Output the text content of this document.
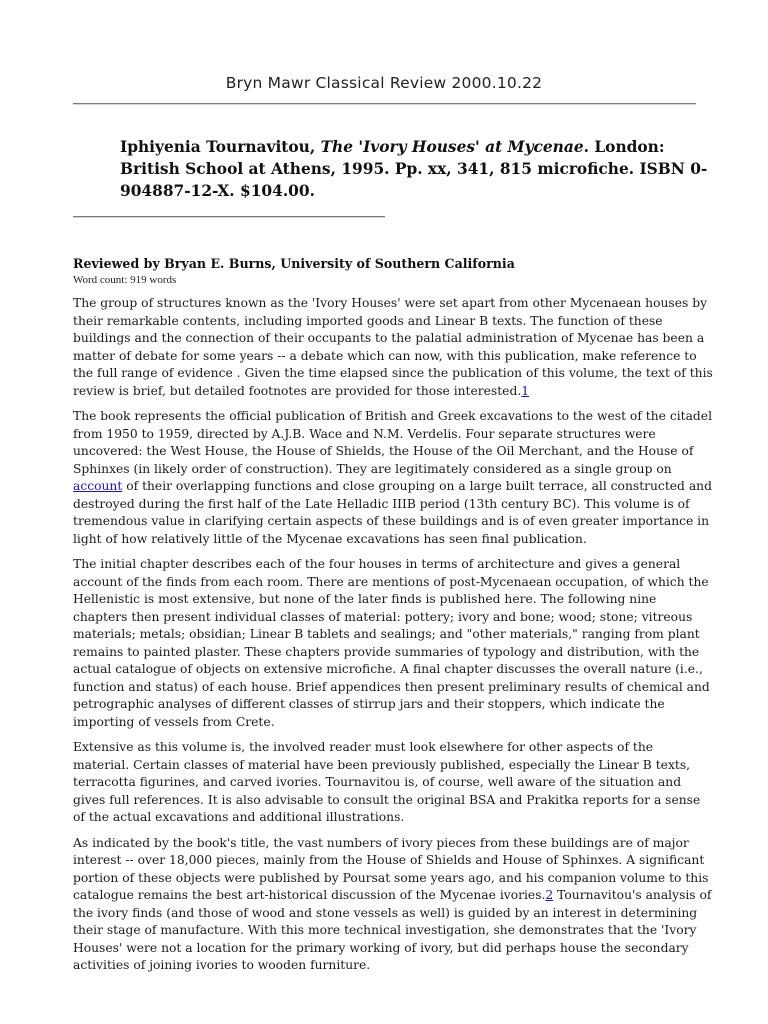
Bryn Mawr Classical Review 2000.10.22
Iphiyenia Tournavitou, The 'Ivory Houses' at Mycenae. London: British School at Athens, 1995. Pp. xx, 341, 815 microfiche. ISBN 0-904887-12-X. $104.00.
Reviewed by Bryan E. Burns, University of Southern California
Word count: 919 words

The group of structures known as the 'Ivory Houses' were set apart from other Mycenaean houses by their remarkable contents, including imported goods and Linear B texts. The function of these buildings and the connection of their occupants to the palatial administration of Mycenae has been a matter of debate for some years -- a debate which can now, with this publication, make reference to the full range of evidence . Given the time elapsed since the publication of this volume, the text of this review is brief, but detailed footnotes are provided for those interested.1

The book represents the official publication of British and Greek excavations to the west of the citadel from 1950 to 1959, directed by A.J.B. Wace and N.M. Verdelis. Four separate structures were uncovered: the West House, the House of Shields, the House of the Oil Merchant, and the House of Sphinxes (in likely order of construction). They are legitimately considered as a single group on account of their overlapping functions and close grouping on a large built terrace, all constructed and destroyed during the first half of the Late Helladic IIIB period (13th century BC). This volume is of tremendous value in clarifying certain aspects of these buildings and is of even greater importance in light of how relatively little of the Mycenae excavations has seen final publication.

The initial chapter describes each of the four houses in terms of architecture and gives a general account of the finds from each room. There are mentions of post-Mycenaean occupation, of which the Hellenistic is most extensive, but none of the later finds is published here. The following nine chapters then present individual classes of material: pottery; ivory and bone; wood; stone; vitreous materials; metals; obsidian; Linear B tablets and sealings; and "other materials," ranging from plant remains to painted plaster. These chapters provide summaries of typology and distribution, with the actual catalogue of objects on extensive microfiche. A final chapter discusses the overall nature (i.e., function and status) of each house. Brief appendices then present preliminary results of chemical and petrographic analyses of different classes of stirrup jars and their stoppers, which indicate the importing of vessels from Crete.

Extensive as this volume is, the involved reader must look elsewhere for other aspects of the material. Certain classes of material have been previously published, especially the Linear B texts, terracotta figurines, and carved ivories. Tournavitou is, of course, well aware of the situation and gives full references. It is also advisable to consult the original BSA and Prakitka reports for a sense of the actual excavations and additional illustrations.

As indicated by the book's title, the vast numbers of ivory pieces from these buildings are of major interest -- over 18,000 pieces, mainly from the House of Shields and House of Sphinxes. A significant portion of these objects were published by Poursat some years ago, and his companion volume to this catalogue remains the best art-historical discussion of the Mycenae ivories.2 Tournavitou's analysis of the ivory finds (and those of wood and stone vessels as well) is guided by an interest in determining their stage of manufacture. With this more technical investigation, she demonstrates that the 'Ivory Houses' were not a location for the primary working of ivory, but did perhaps house the secondary activities of joining ivories to wooden furniture.
